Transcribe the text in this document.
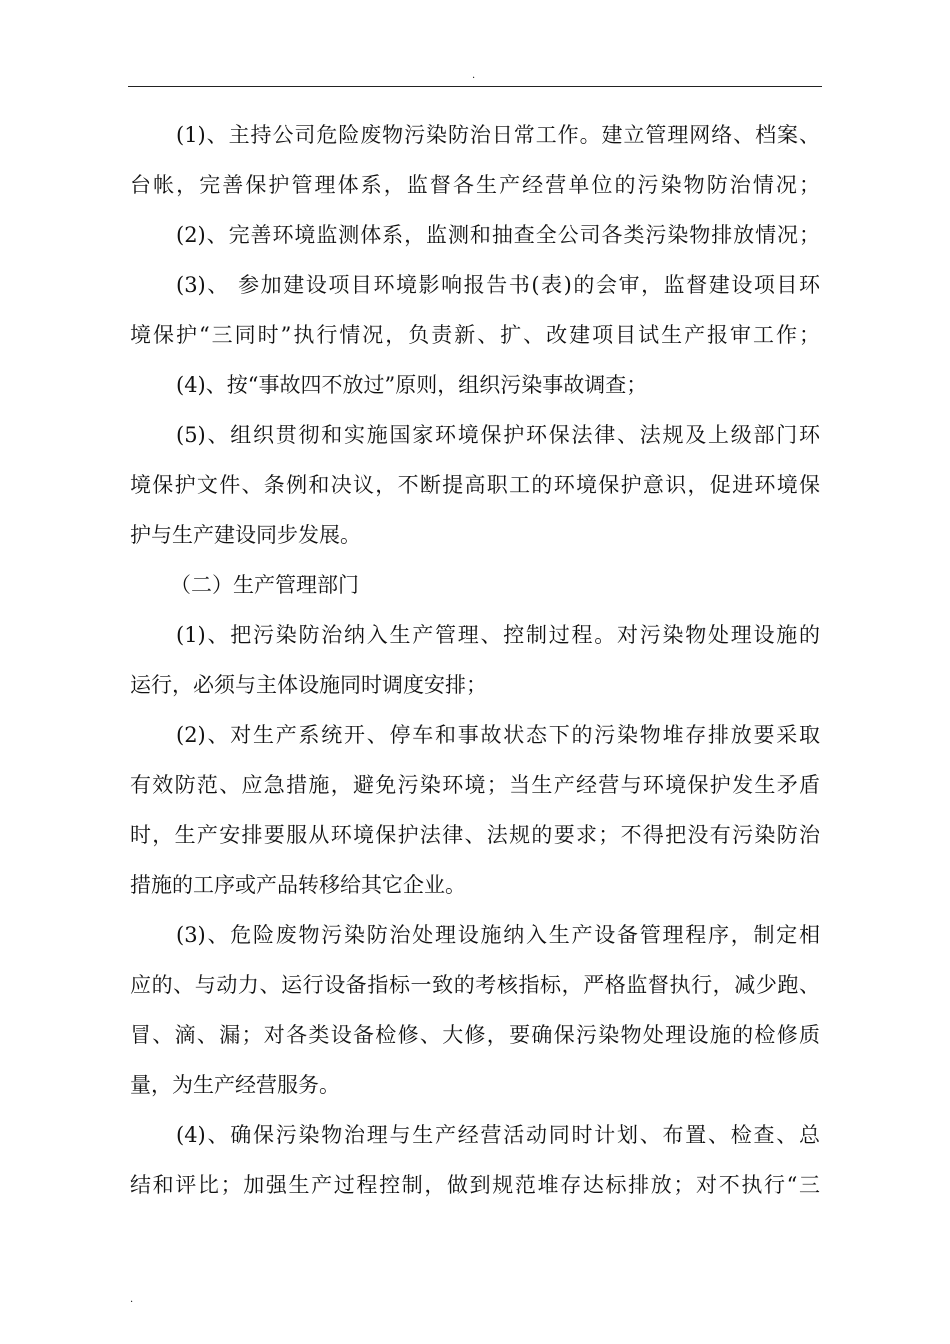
.
(1)、主持公司危险废物污染防治日常工作。建立管理网络、档案、
台帐，完善保护管理体系，监督各生产经营单位的污染物防治情况；
(2)、完善环境监测体系，监测和抽查全公司各类污染物排放情况；
(3)、 参加建设项目环境影响报告书(表)的会审，监督建设项目环
境保护“三同时”执行情况，负责新、扩、改建项目试生产报审工作；
(4)、按“事故四不放过”原则，组织污染事故调查；
(5)、组织贯彻和实施国家环境保护环保法律、法规及上级部门环
境保护文件、条例和决议，不断提高职工的环境保护意识，促进环境保
护与生产建设同步发展。
（二）生产管理部门
(1)、把污染防治纳入生产管理、控制过程。对污染物处理设施的
运行，必须与主体设施同时调度安排；
(2)、对生产系统开、停车和事故状态下的污染物堆存排放要采取
有效防范、应急措施，避免污染环境；当生产经营与环境保护发生矛盾
时，生产安排要服从环境保护法律、法规的要求；不得把没有污染防治
措施的工序或产品转移给其它企业。
(3)、危险废物污染防治处理设施纳入生产设备管理程序，制定相
应的、与动力、运行设备指标一致的考核指标，严格监督执行，减少跑、
冒、滴、漏；对各类设备检修、大修，要确保污染物处理设施的检修质
量，为生产经营服务。
(4)、确保污染物治理与生产经营活动同时计划、布置、检查、总
结和评比；加强生产过程控制，做到规范堆存达标排放；对不执行“三
.
